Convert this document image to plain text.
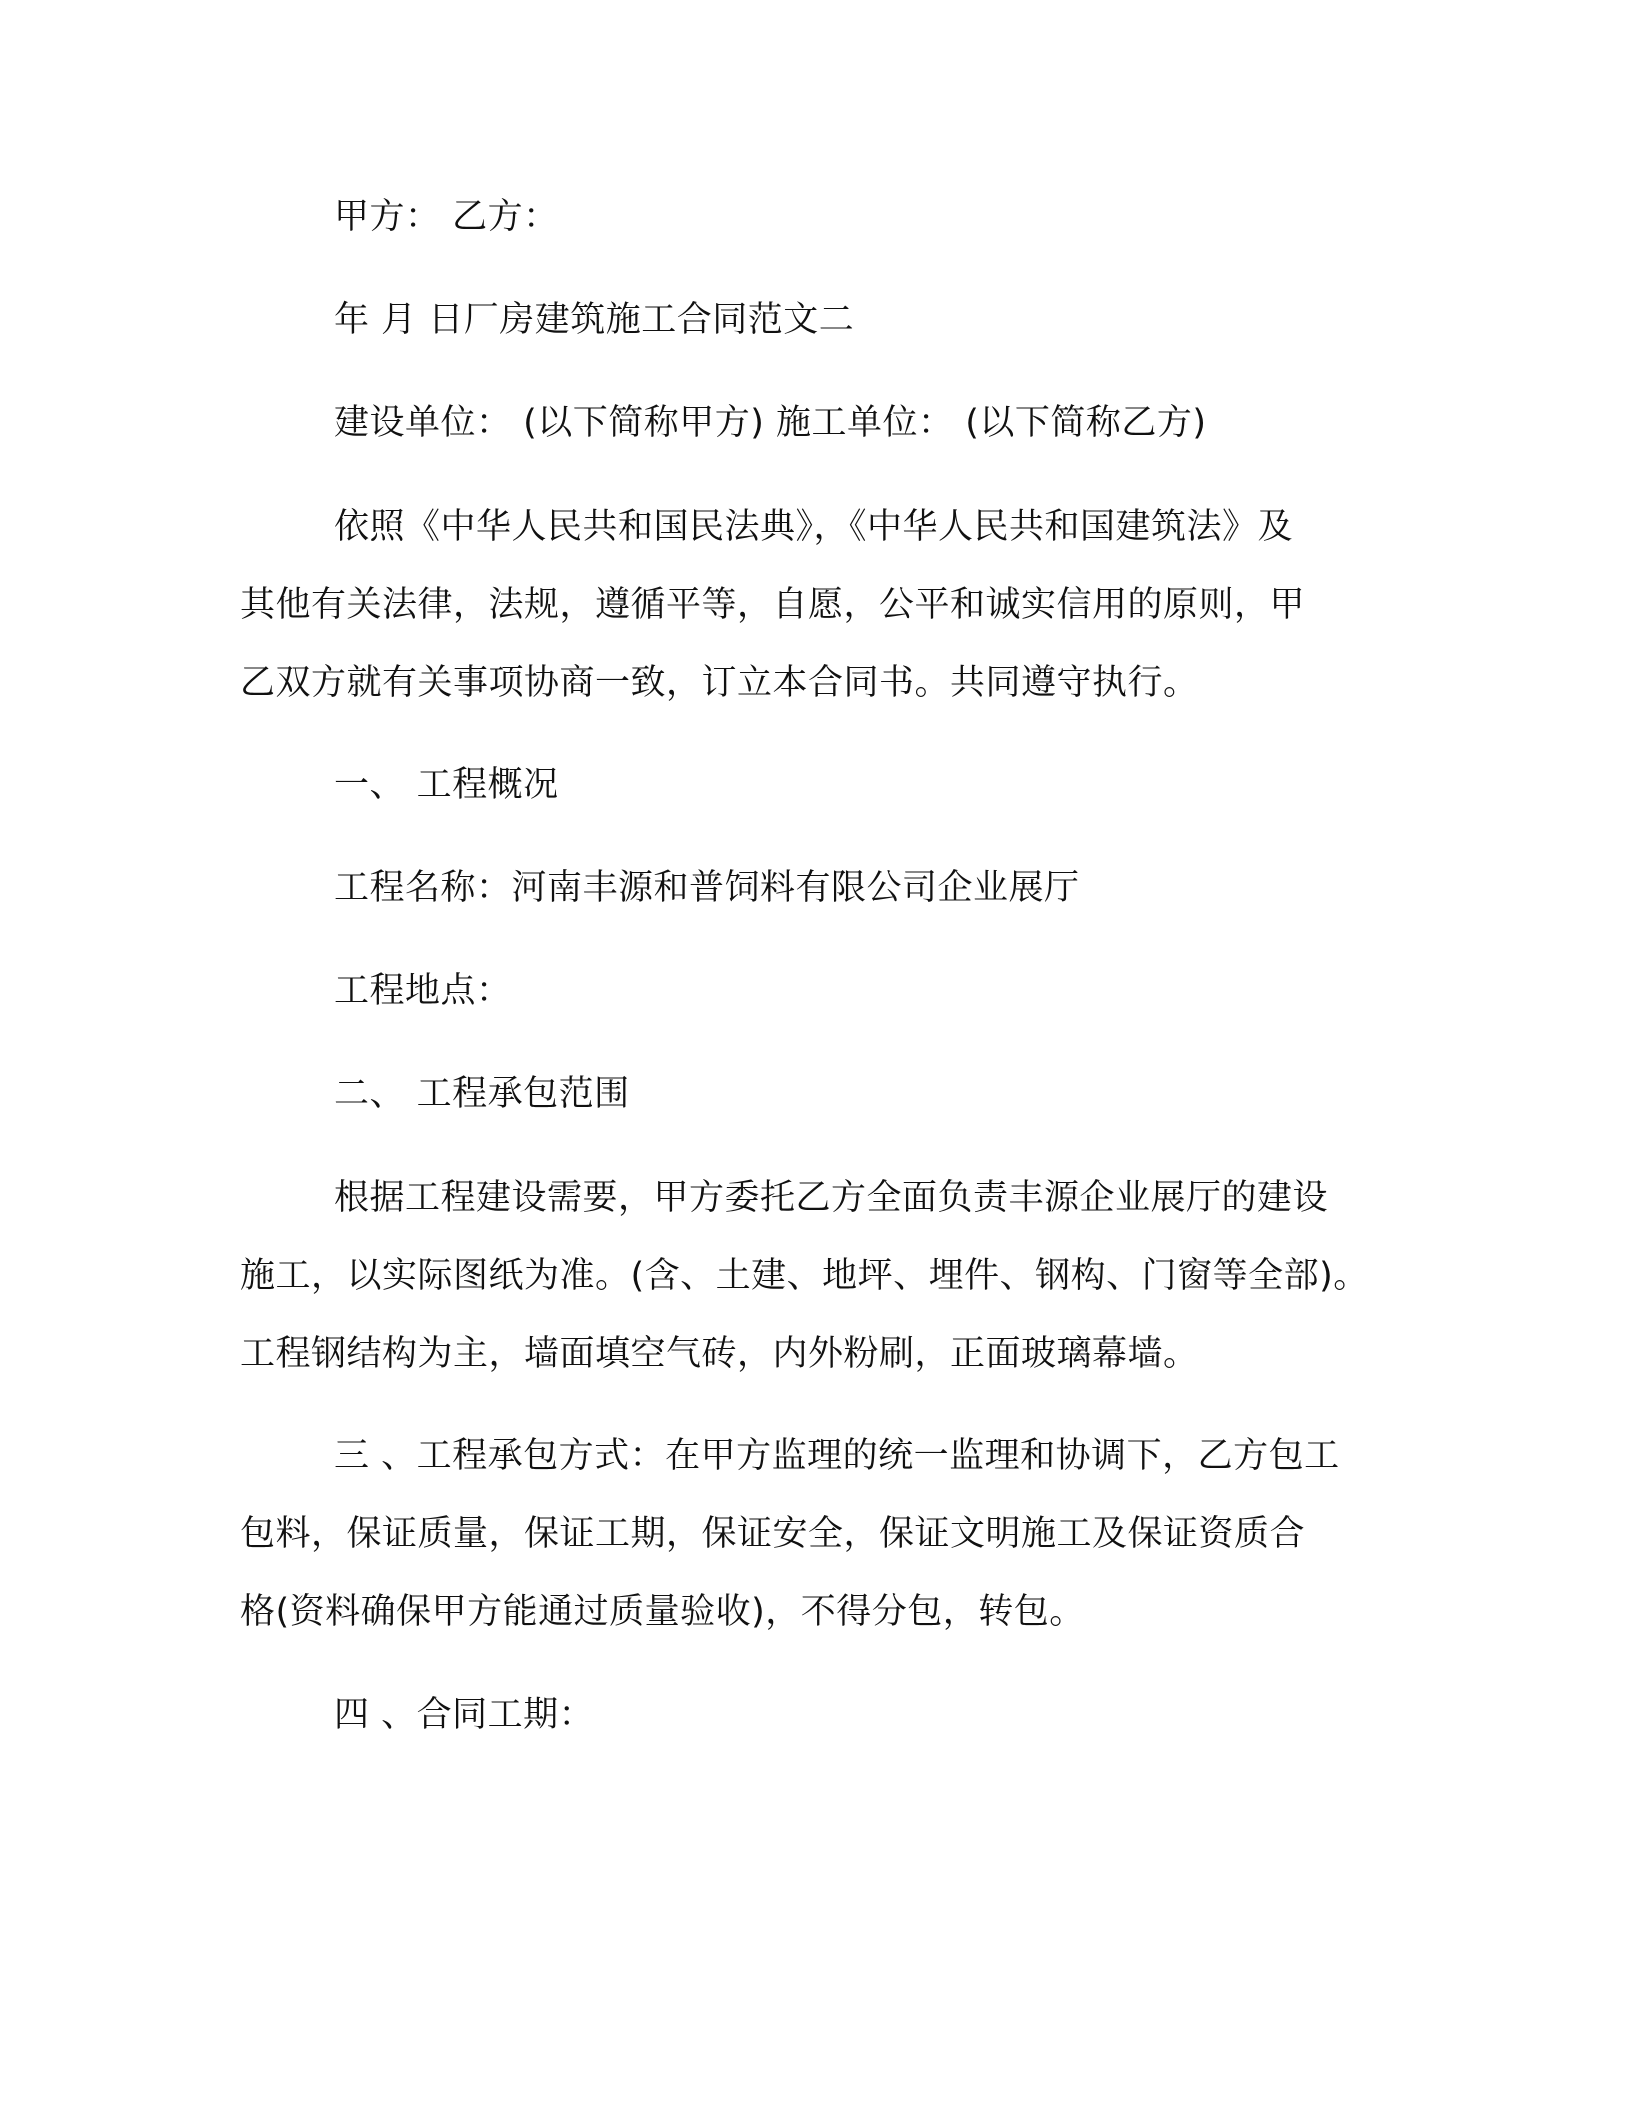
甲方： 乙方：

年 月 日厂房建筑施工合同范文二

建设单位： (以下简称甲方) 施工单位： (以下简称乙方)

依照《中华人民共和国民法典》，《中华人民共和国建筑法》及

其他有关法律，法规，遵循平等，自愿，公平和诚实信用的原则，甲

乙双方就有关事项协商一致，订立本合同书。共同遵守执行。

一、 工程概况

工程名称：河南丰源和普饲料有限公司企业展厅

工程地点：

二、 工程承包范围

根据工程建设需要，甲方委托乙方全面负责丰源企业展厅的建设

施工，以实际图纸为准。(含、土建、地坪、埋件、钢构、门窗等全部)。

工程钢结构为主，墙面填空气砖，内外粉刷，正面玻璃幕墙。

三 、工程承包方式：在甲方监理的统一监理和协调下，乙方包工

包料，保证质量，保证工期，保证安全，保证文明施工及保证资质合

格(资料确保甲方能通过质量验收)，不得分包，转包。

四 、合同工期：
